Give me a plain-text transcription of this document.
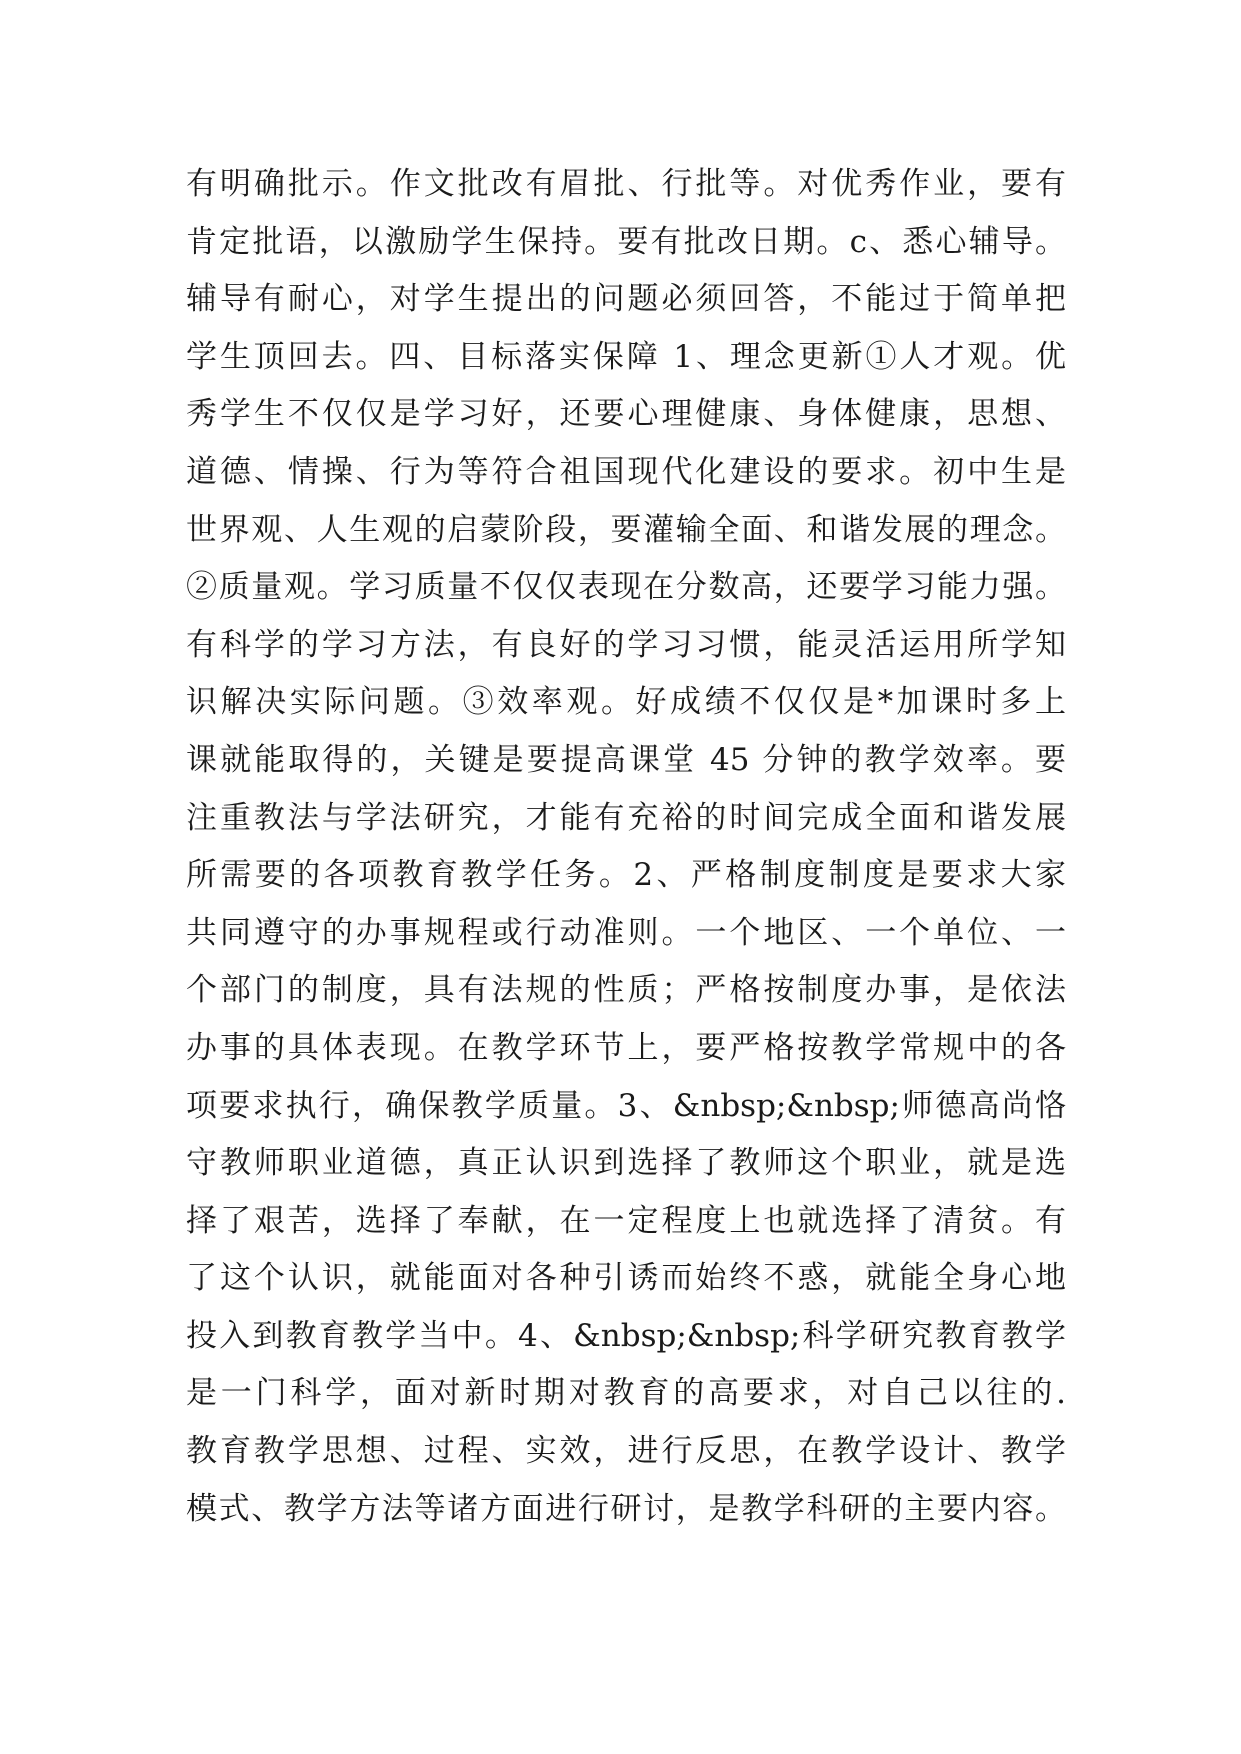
有明确批示。作文批改有眉批、行批等。对优秀作业，要有
肯定批语，以激励学生保持。要有批改日期。c、悉心辅导。
辅导有耐心，对学生提出的问题必须回答，不能过于简单把
学生顶回去。四、目标落实保障 1、理念更新①人才观。优
秀学生不仅仅是学习好，还要心理健康、身体健康，思想、
道德、情操、行为等符合祖国现代化建设的要求。初中生是
世界观、人生观的启蒙阶段，要灌输全面、和谐发展的理念。
②质量观。学习质量不仅仅表现在分数高，还要学习能力强。
有科学的学习方法，有良好的学习习惯，能灵活运用所学知
识解决实际问题。③效率观。好成绩不仅仅是*加课时多上
课就能取得的，关键是要提高课堂 45 分钟的教学效率。要
注重教法与学法研究，才能有充裕的时间完成全面和谐发展
所需要的各项教育教学任务。2、严格制度制度是要求大家
共同遵守的办事规程或行动准则。一个地区、一个单位、一
个部门的制度，具有法规的性质；严格按制度办事，是依法
办事的具体表现。在教学环节上，要严格按教学常规中的各
项要求执行，确保教学质量。3、&nbsp;&nbsp;师德高尚恪
守教师职业道德，真正认识到选择了教师这个职业，就是选
择了艰苦，选择了奉献，在一定程度上也就选择了清贫。有
了这个认识，就能面对各种引诱而始终不惑，就能全身心地
投入到教育教学当中。4、&nbsp;&nbsp;科学研究教育教学
是一门科学，面对新时期对教育的高要求，对自己以往的.
教育教学思想、过程、实效，进行反思，在教学设计、教学
模式、教学方法等诸方面进行研讨，是教学科研的主要内容。
